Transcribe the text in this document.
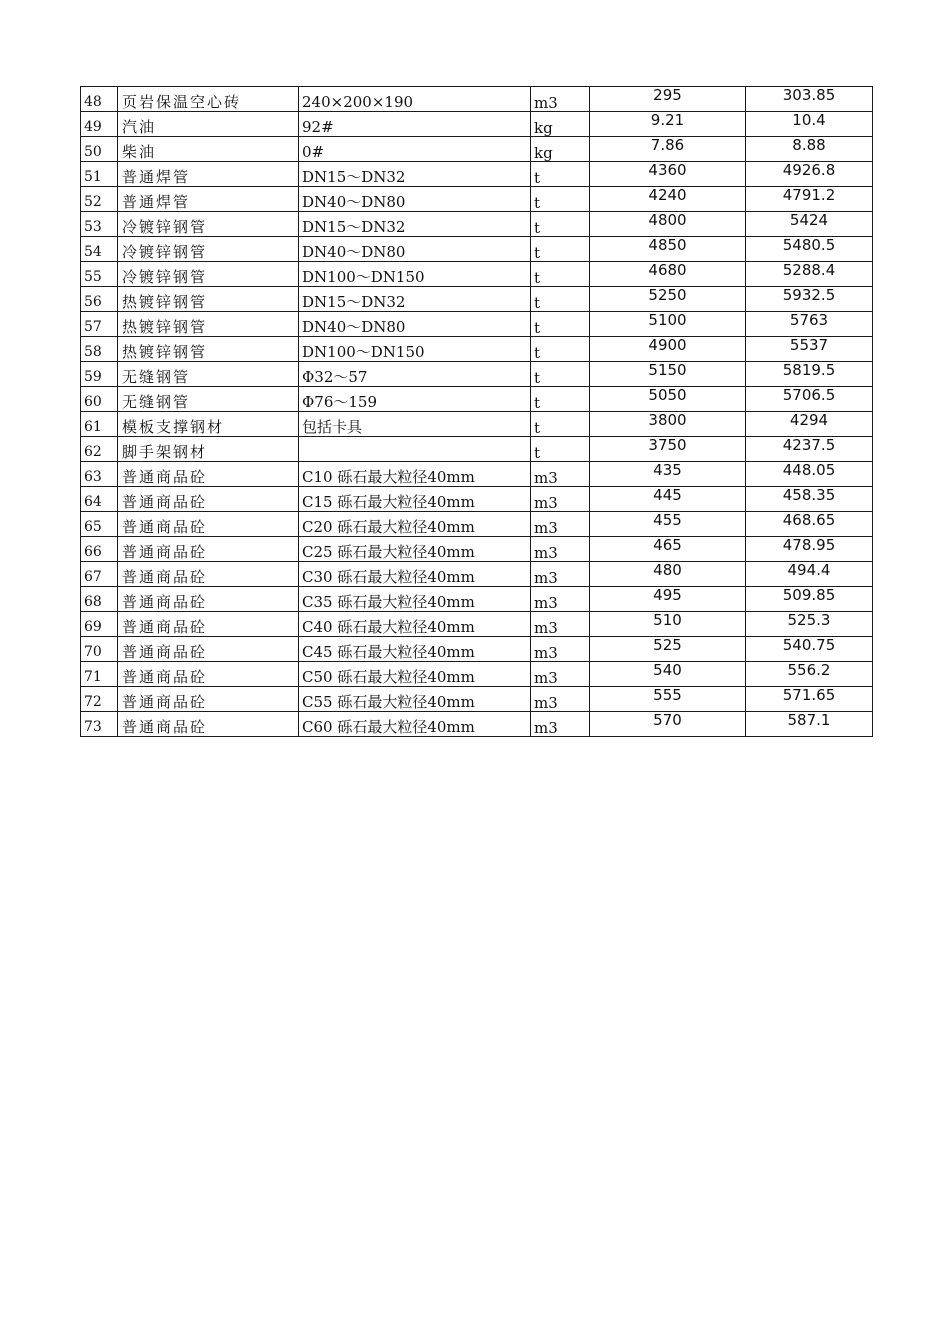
48	页岩保温空心砖	240×200×190	m3	295	303.85
49	汽油	92#	kg	9.21	10.4
50	柴油	0#	kg	7.86	8.88
51	普通焊管	DN15～DN32	t	4360	4926.8
52	普通焊管	DN40～DN80	t	4240	4791.2
53	冷镀锌钢管	DN15～DN32	t	4800	5424
54	冷镀锌钢管	DN40～DN80	t	4850	5480.5
55	冷镀锌钢管	DN100～DN150	t	4680	5288.4
56	热镀锌钢管	DN15～DN32	t	5250	5932.5
57	热镀锌钢管	DN40～DN80	t	5100	5763
58	热镀锌钢管	DN100～DN150	t	4900	5537
59	无缝钢管	Φ32～57	t	5150	5819.5
60	无缝钢管	Φ76～159	t	5050	5706.5
61	模板支撑钢材	包括卡具	t	3800	4294
62	脚手架钢材		t	3750	4237.5
63	普通商品砼	C10 砾石最大粒径40mm	m3	435	448.05
64	普通商品砼	C15 砾石最大粒径40mm	m3	445	458.35
65	普通商品砼	C20 砾石最大粒径40mm	m3	455	468.65
66	普通商品砼	C25 砾石最大粒径40mm	m3	465	478.95
67	普通商品砼	C30 砾石最大粒径40mm	m3	480	494.4
68	普通商品砼	C35 砾石最大粒径40mm	m3	495	509.85
69	普通商品砼	C40 砾石最大粒径40mm	m3	510	525.3
70	普通商品砼	C45 砾石最大粒径40mm	m3	525	540.75
71	普通商品砼	C50 砾石最大粒径40mm	m3	540	556.2
72	普通商品砼	C55 砾石最大粒径40mm	m3	555	571.65
73	普通商品砼	C60 砾石最大粒径40mm	m3	570	587.1
